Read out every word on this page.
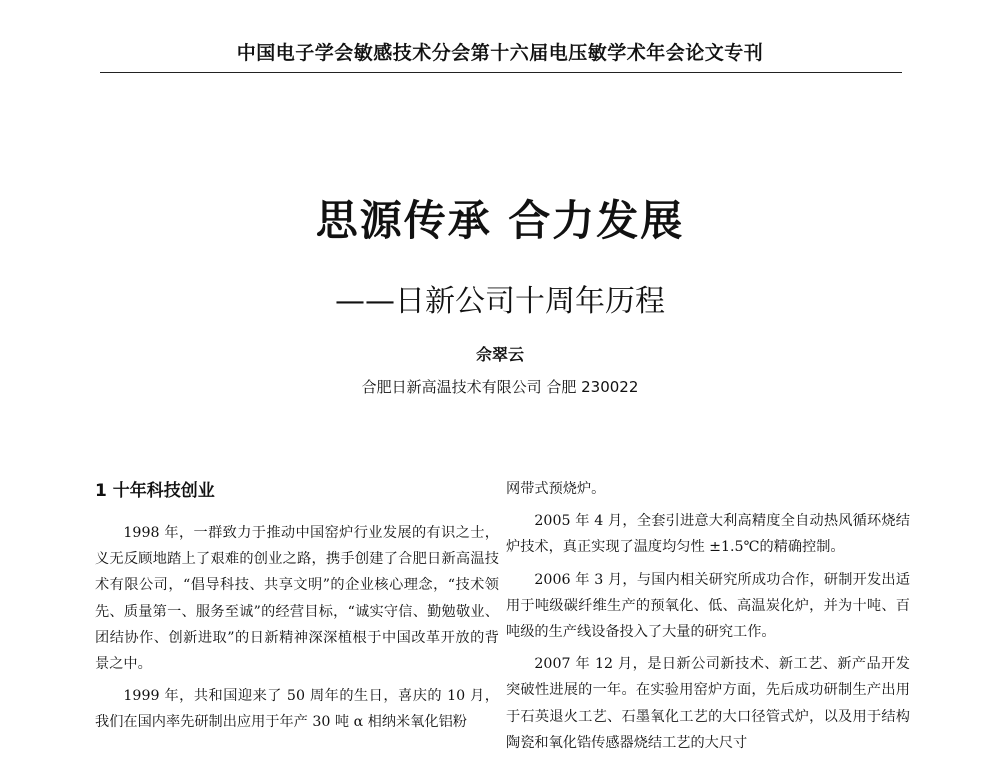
中国电子学会敏感技术分会第十六届电压敏学术年会论文专刊
思源传承 合力发展
——日新公司十周年历程
佘翠云
合肥日新高温技术有限公司 合肥 230022
1 十年科技创业

1998 年，一群致力于推动中国窑炉行业发展的有识之士，义无反顾地踏上了艰难的创业之路，携手创建了合肥日新高温技术有限公司，“倡导科技、共享文明”的企业核心理念，“技术领先、质量第一、服务至诚”的经营目标，“诚实守信、勤勉敬业、团结协作、创新进取”的日新精神深深植根于中国改革开放的背景之中。

1999 年，共和国迎来了 50 周年的生日，喜庆的 10 月，我们在国内率先研制出应用于年产 30 吨 α 相纳米氧化铝粉

网带式预烧炉。

2005 年 4 月，全套引进意大利高精度全自动热风循环烧结炉技术，真正实现了温度均匀性 ±1.5℃的精确控制。

2006 年 3 月，与国内相关研究所成功合作，研制开发出适用于吨级碳纤维生产的预氧化、低、高温炭化炉，并为十吨、百吨级的生产线设备投入了大量的研究工作。

2007 年 12 月，是日新公司新技术、新工艺、新产品开发突破性进展的一年。在实验用窑炉方面，先后成功研制生产出用于石英退火工艺、石墨氧化工艺的大口径管式炉，以及用于结构陶瓷和氧化锆传感器烧结工艺的大尺寸
